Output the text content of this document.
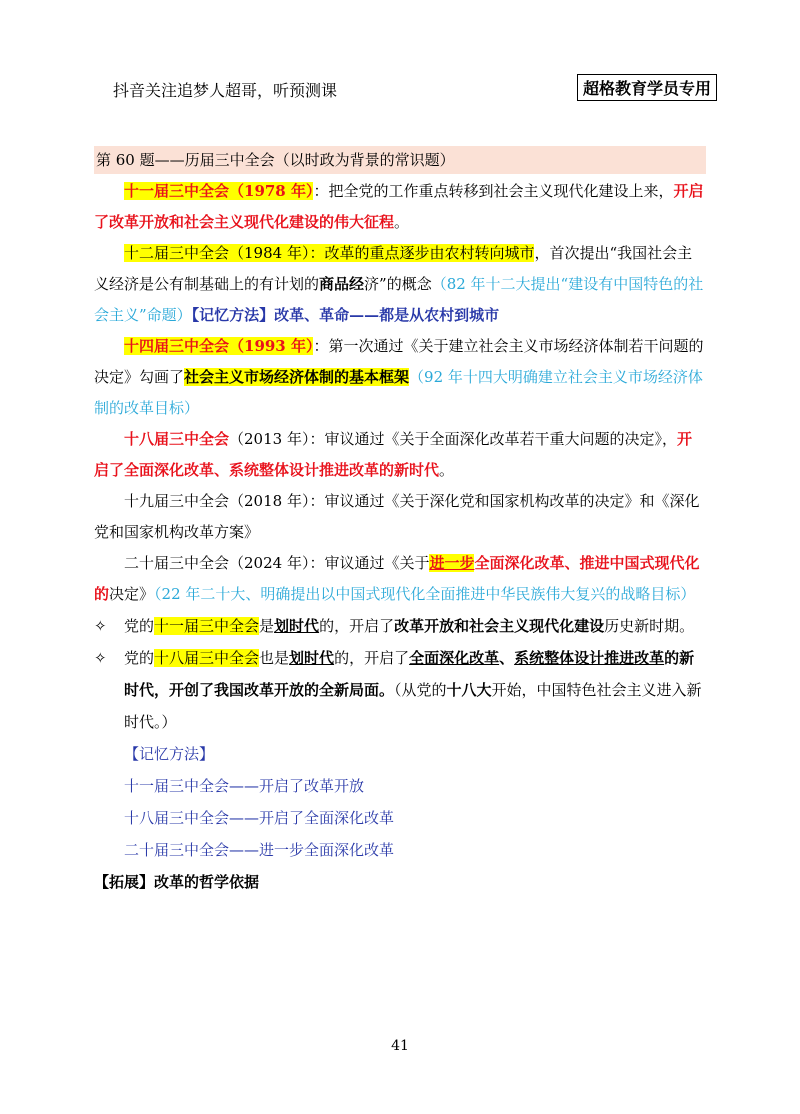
抖音关注追梦人超哥，听预测课	超格教育学员专用
第 60 题——历届三中全会（以时政为背景的常识题）

十一届三中全会（1978 年）：把全党的工作重点转移到社会主义现代化建设上来，开启了改革开放和社会主义现代化建设的伟大征程。

十二届三中全会（1984 年）：改革的重点逐步由农村转向城市，首次提出“我国社会主义经济是公有制基础上的有计划的商品经济”的概念（82 年十二大提出“建设有中国特色的社会主义”命题）【记忆方法】改革、革命——都是从农村到城市

十四届三中全会（1993 年）：第一次通过《关于建立社会主义市场经济体制若干问题的决定》勾画了社会主义市场经济体制的基本框架（92 年十四大明确建立社会主义市场经济体制的改革目标）

十八届三中全会（2013 年）：审议通过《关于全面深化改革若干重大问题的决定》，开启了全面深化改革、系统整体设计推进改革的新时代。

十九届三中全会（2018 年）：审议通过《关于深化党和国家机构改革的决定》和《深化党和国家机构改革方案》

二十届三中全会（2024 年）：审议通过《关于进一步全面深化改革、推进中国式现代化的决定》（22 年二十大、明确提出以中国式现代化全面推进中华民族伟大复兴的战略目标）

✧ 党的十一届三中全会是划时代的，开启了改革开放和社会主义现代化建设历史新时期。
✧ 党的十八届三中全会也是划时代的，开启了全面深化改革、系统整体设计推进改革的新时代，开创了我国改革开放的全新局面。（从党的十八大开始，中国特色社会主义进入新时代。）
【记忆方法】
十一届三中全会——开启了改革开放
十八届三中全会——开启了全面深化改革
二十届三中全会——进一步全面深化改革
【拓展】改革的哲学依据
41
